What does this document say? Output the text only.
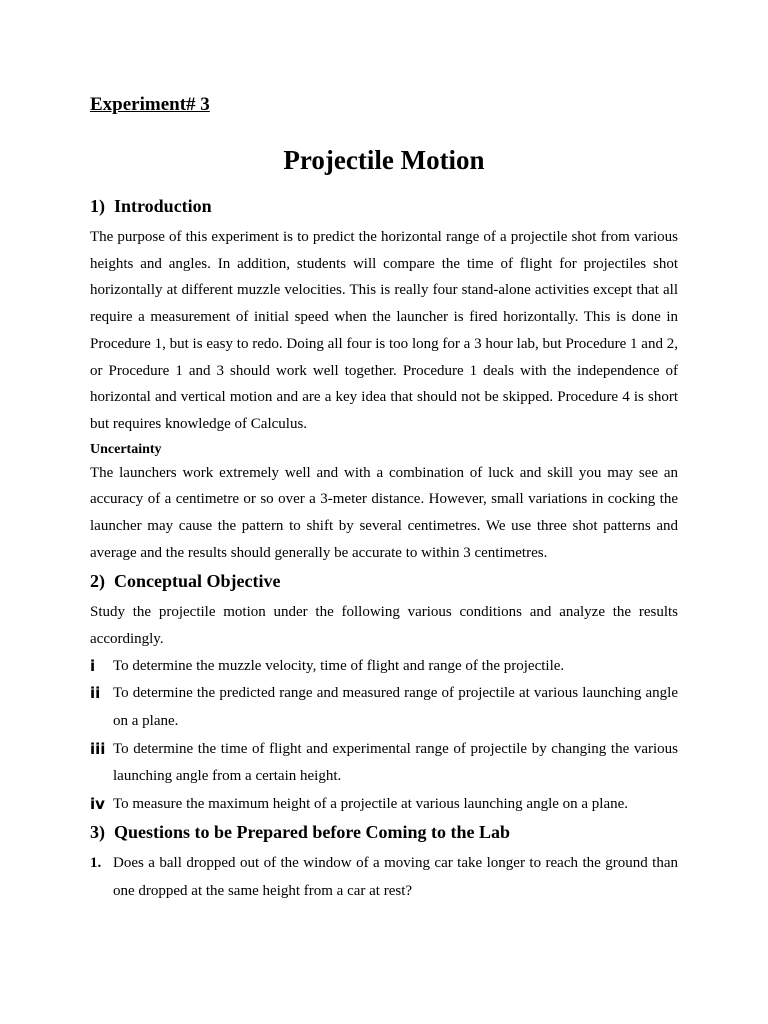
Experiment# 3
Projectile Motion
1) Introduction

The purpose of this experiment is to predict the horizontal range of a projectile shot from various heights and angles. In addition, students will compare the time of flight for projectiles shot horizontally at different muzzle velocities. This is really four stand-alone activities except that all require a measurement of initial speed when the launcher is fired horizontally. This is done in Procedure 1, but is easy to redo. Doing all four is too long for a 3 hour lab, but Procedure 1 and 2, or Procedure 1 and 3 should work well together. Procedure 1 deals with the independence of horizontal and vertical motion and are a key idea that should not be skipped. Procedure 4 is short but requires knowledge of Calculus.

Uncertainty

The launchers work extremely well and with a combination of luck and skill you may see an accuracy of a centimetre or so over a 3-meter distance. However, small variations in cocking the launcher may cause the pattern to shift by several centimetres. We use three shot patterns and average and the results should generally be accurate to within 3 centimetres.

2) Conceptual Objective

Study the projectile motion under the following various conditions and analyze the results accordingly.

i	To determine the muzzle velocity, time of flight and range of the projectile.
ii To determine the predicted range and measured range of projectile at various launching angle on a plane.
iii To determine the time of flight and experimental range of projectile by changing the various launching angle from a certain height.
iv To measure the maximum height of a projectile at various launching angle on a plane.
3) Questions to be Prepared before Coming to the Lab
1. Does a ball dropped out of the window of a moving car take longer to reach the ground than one dropped at the same height from a car at rest?
